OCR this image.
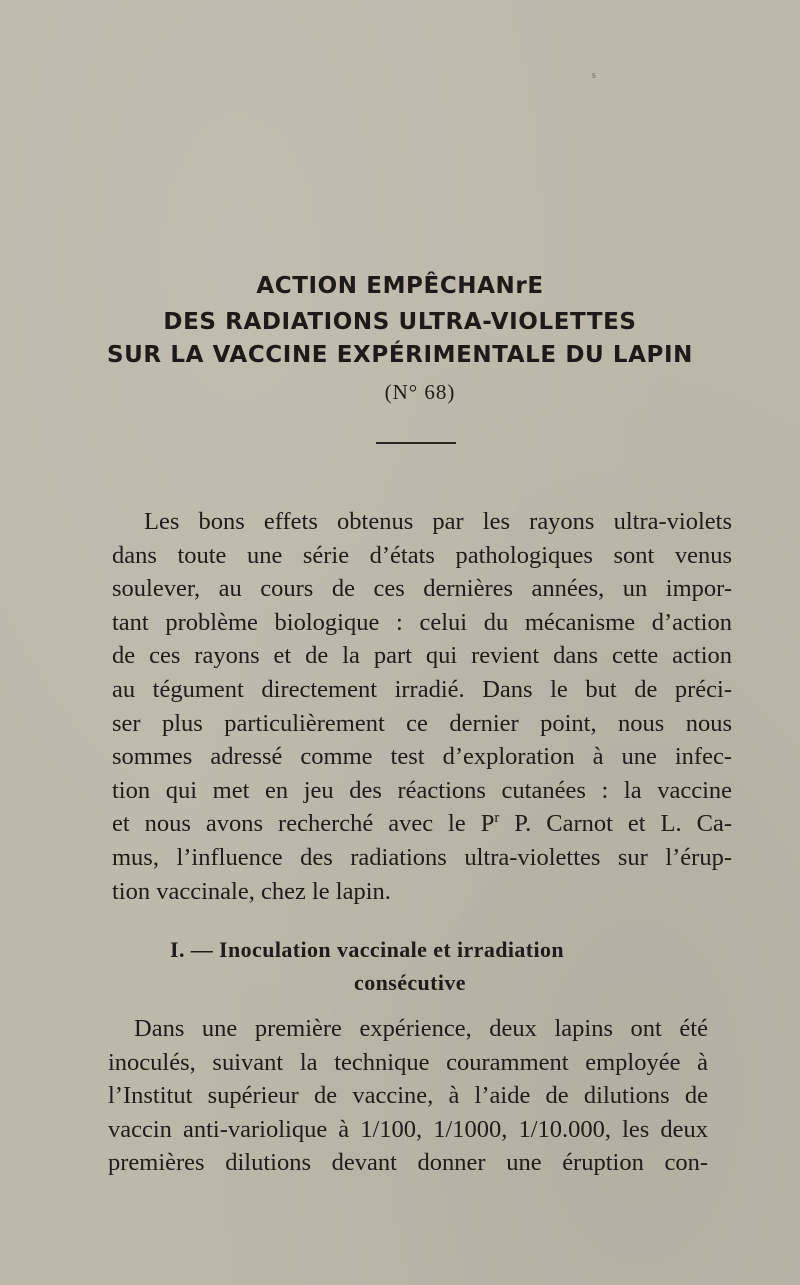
s
ACTION EMPÊCHANrE
DES RADIATIONS ULTRA-VIOLETTES
SUR LA VACCINE EXPÉRIMENTALE DU LAPIN
(N° 68)
Les bons effets obtenus par les rayons ultra-violets
dans toute une série d’états pathologiques sont venus
soulever, au cours de ces dernières années, un impor-
tant problème biologique : celui du mécanisme d’action
de ces rayons et de la part qui revient dans cette action
au tégument directement irradié. Dans le but de préci-
ser plus particulièrement ce dernier point, nous nous
sommes adressé comme test d’exploration à une infec-
tion qui met en jeu des réactions cutanées : la vaccine
et nous avons recherché avec le $P^r$ P. Carnot et L. Ca-
mus, l’influence des radiations ultra-violettes sur l’érup-
tion vaccinale, chez le lapin.
I. — Inoculation vaccinale et irradiation
consécutive
Dans une première expérience, deux lapins ont été
inoculés, suivant la technique couramment employée à
l’Institut supérieur de vaccine, à l’aide de dilutions de
vaccin anti-variolique à 1/100, 1/1000, 1/10.000, les deux
premières dilutions devant donner une éruption con-
